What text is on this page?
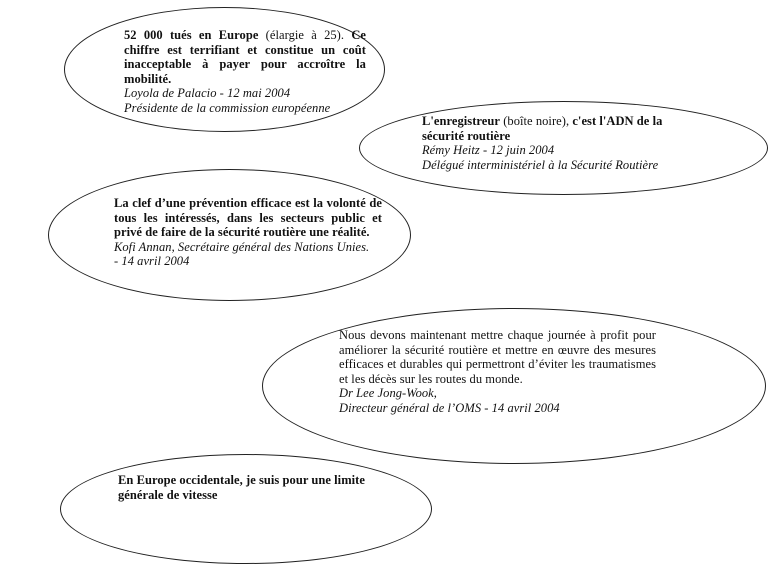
52 000 tués en Europe (élargie à 25). Ce chiffre est terrifiant et constitue un coût inacceptable à payer pour accroître la mobilité.

Loyola de Palacio - 12 mai 2004

Présidente de la commission européenne

L'enregistreur (boîte noire), c'est l'ADN de la sécurité routière

Rémy Heitz - 12 juin 2004

Délégué interministériel à la Sécurité Routière

La clef d’une prévention efficace est la volonté de tous les intéressés, dans les secteurs public et privé de faire de la sécurité routière une réalité.

Kofi Annan, Secrétaire général des Nations Unies.

- 14 avril 2004

Nous devons maintenant mettre chaque journée à profit pour améliorer la sécurité routière et mettre en œuvre des mesures efficaces et durables qui permettront d’éviter les traumatismes et les décès sur les routes du monde.

Dr Lee Jong-Wook,

Directeur général de l’OMS - 14 avril 2004

En Europe occidentale, je suis pour une limite générale de vitesse
